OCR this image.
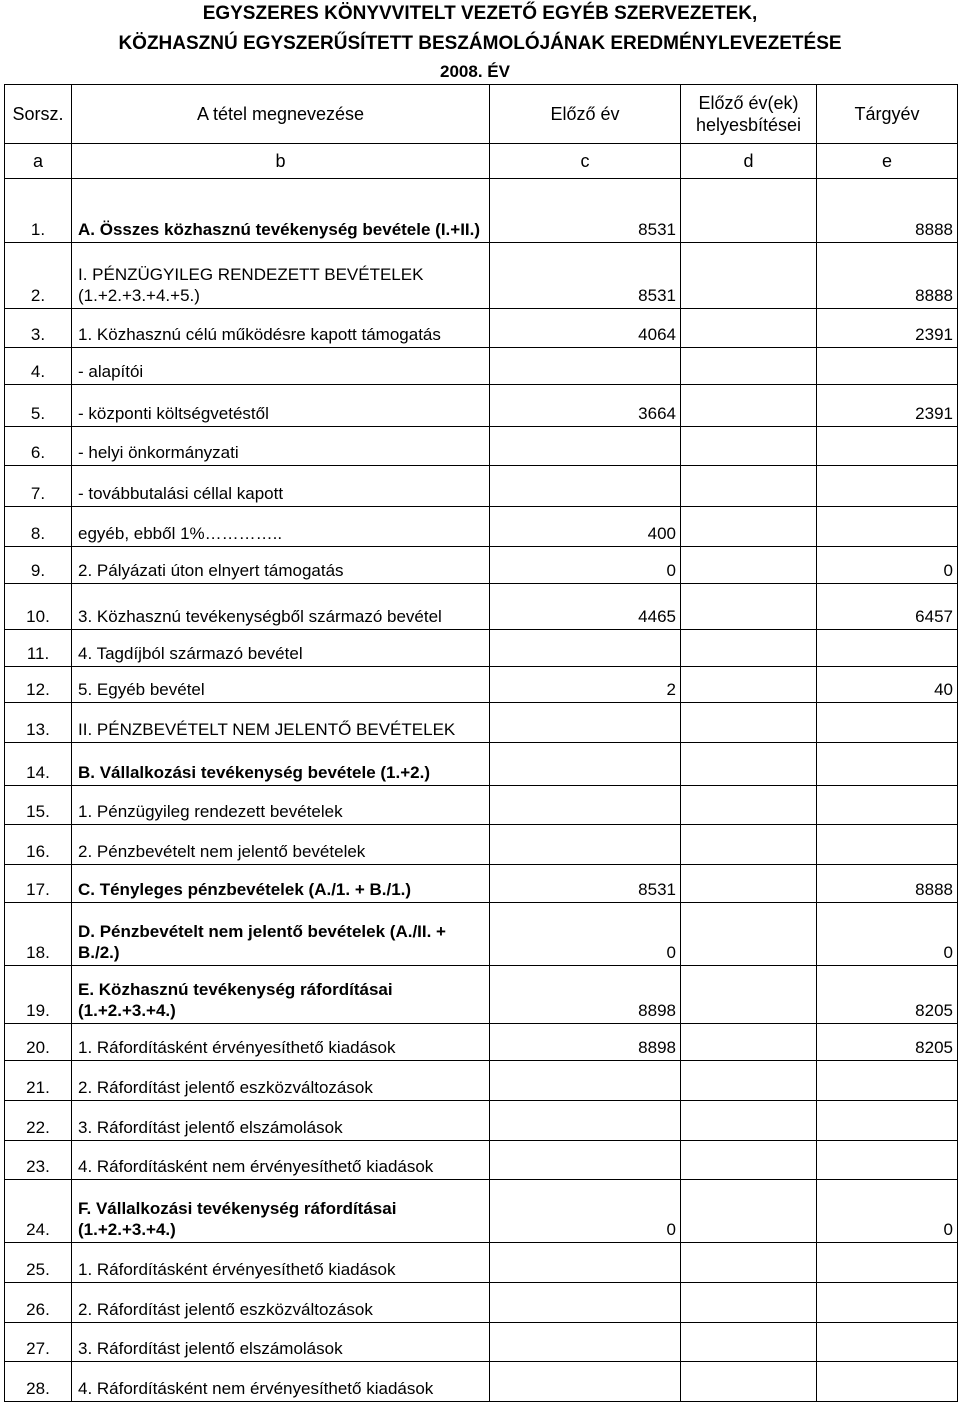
EGYSZERES KÖNYVVITELT VEZETŐ EGYÉB SZERVEZETEK,
KÖZHASZNÚ EGYSZERŰSÍTETT BESZÁMOLÓJÁNAK EREDMÉNYLEVEZETÉSE
2008. ÉV
Sorsz.	A tétel megnevezése	Előző év	Előző év(ek)
helyesbítései	Tárgyév
a	b	c	d	e
1.	A. Összes közhasznú tevékenység bevétele (I.+II.)	8531		8888
2.	I. PÉNZÜGYILEG RENDEZETT BEVÉTELEK (1.+2.+3.+4.+5.)	8531		8888
3.	1. Közhasznú célú működésre kapott támogatás	4064		2391
4.	- alapítói			
5.	- központi költségvetéstől	3664		2391
6.	- helyi önkormányzati			
7.	- továbbutalási céllal kapott			
8.	egyéb, ebből 1%…………..	400		
9.	2. Pályázati úton elnyert támogatás	0		0
10.	3. Közhasznú tevékenységből származó bevétel	4465		6457
11.	4. Tagdíjból származó bevétel			
12.	5. Egyéb bevétel	2		40
13.	II. PÉNZBEVÉTELT NEM JELENTŐ BEVÉTELEK			
14.	B. Vállalkozási tevékenység bevétele (1.+2.)			
15.	1. Pénzügyileg rendezett bevételek			
16.	2. Pénzbevételt nem jelentő bevételek			
17.	C. Tényleges pénzbevételek (A./1. + B./1.)	8531		8888
18.	D. Pénzbevételt nem jelentő bevételek (A./II. + B./2.)	0		0
19.	E. Közhasznú tevékenység ráfordításai (1.+2.+3.+4.)	8898		8205
20.	1. Ráfordításként érvényesíthető kiadások	8898		8205
21.	2. Ráfordítást jelentő eszközváltozások			
22.	3. Ráfordítást jelentő elszámolások			
23.	4. Ráfordításként nem érvényesíthető kiadások			
24.	F. Vállalkozási tevékenység ráfordításai (1.+2.+3.+4.)	0		0
25.	1. Ráfordításként érvényesíthető kiadások			
26.	2. Ráfordítást jelentő eszközváltozások			
27.	3. Ráfordítást jelentő elszámolások			
28.	4. Ráfordításként nem érvényesíthető kiadások			
